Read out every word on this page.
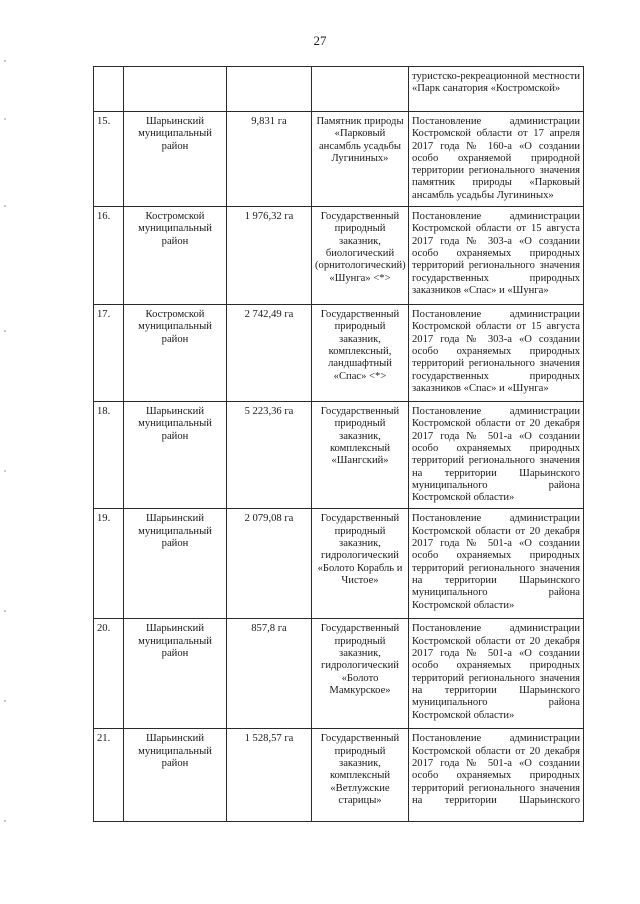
27
				туристско-рекреационной местности «Парк санатория «Костромской»
15.	Шарьинский муниципальный район	9,831 га	Памятник природы «Парковый ансамбль усадьбы Лугининых»	Постановление администрации Костромской области от 17 апреля 2017 года № 160-а «О создании особо охраняемой природной территории регионального значения памятник природы «Парковый ансамбль усадьбы Лугининых»
16.	Костромской муниципальный район	1 976,32 га	Государственный природный заказник, биологический (орнитологический) «Шунга» <*>	Постановление администрации Костромской области от 15 августа 2017 года № 303-а «О создании особо охраняемых природных территорий регионального значения государственных природных заказников «Спас» и «Шунга»
17.	Костромской муниципальный район	2 742,49 га	Государственный природный заказник, комплексный, ландшафтный «Спас» <*>	Постановление администрации Костромской области от 15 августа 2017 года № 303-а «О создании особо охраняемых природных территорий регионального значения государственных природных заказников «Спас» и «Шунга»
18.	Шарьинский муниципальный район	5 223,36 га	Государственный природный заказник, комплексный «Шангский»	Постановление администрации Костромской области от 20 декабря 2017 года № 501-а «О создании особо охраняемых природных территорий регионального значения на территории Шарьинского муниципального района Костромской области»
19.	Шарьинский муниципальный район	2 079,08 га	Государственный природный заказник, гидрологический «Болото Корабль и Чистое»	Постановление администрации Костромской области от 20 декабря 2017 года № 501-а «О создании особо охраняемых природных территорий регионального значения на территории Шарьинского муниципального района Костромской области»
20.	Шарьинский муниципальный район	857,8 га	Государственный природный заказник, гидрологический «Болото Мамкурское»	Постановление администрации Костромской области от 20 декабря 2017 года № 501-а «О создании особо охраняемых природных территорий регионального значения на территории Шарьинского муниципального района Костромской области»
21.	Шарьинский муниципальный район	1 528,57 га	Государственный природный заказник, комплексный «Ветлужские старицы»	Постановление администрации Костромской области от 20 декабря 2017 года № 501-а «О создании особо охраняемых природных территорий регионального значения на территории Шарьинского
